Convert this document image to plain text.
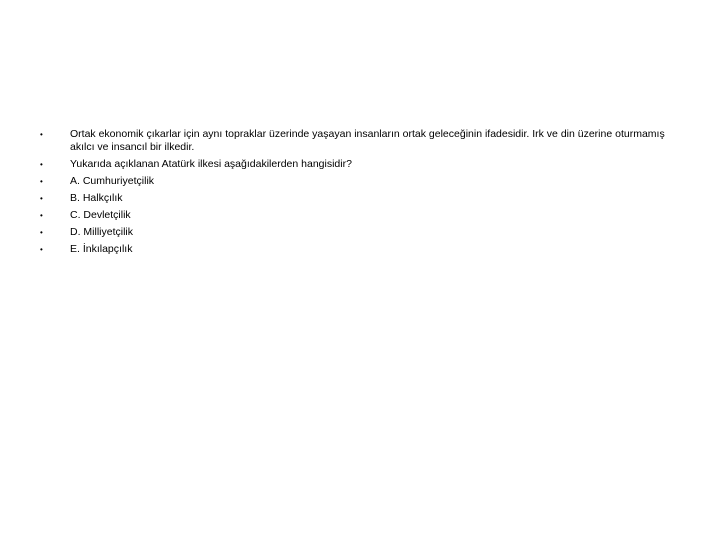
•	Ortak ekonomik çıkarlar için aynı topraklar üzerinde yaşayan insanların ortak geleceğinin ifadesidir. Irk ve din üzerine oturmamış akılcı ve insancıl bir ilkedir.
•	Yukarıda açıklanan Atatürk ilkesi aşağıdakilerden hangisidir?
•	A. Cumhuriyetçilik
•	B. Halkçılık
•	C. Devletçilik
•	D. Milliyetçilik
•	E. İnkılapçılık
